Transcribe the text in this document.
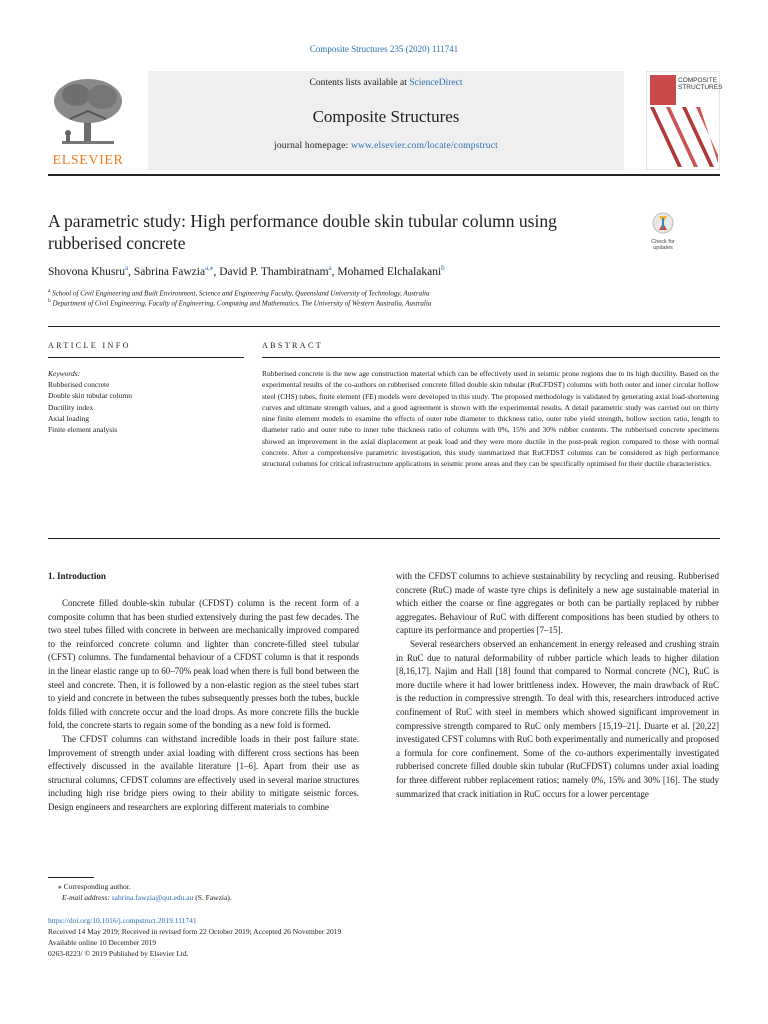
Composite Structures 235 (2020) 111741
ELSEVIER
Contents lists available at ScienceDirect
Composite Structures
journal homepage: www.elsevier.com/locate/compstruct
COMPOSITE
STRUCTURES
A parametric study: High performance double skin tubular column using
rubberised concrete	Check for
updates
Shovona Khusru$^a$, Sabrina Fawzia$^{a,⁎}$, David P. Thambiratnam$^a$, Mohamed Elchalakani$^b$
$^a$ School of Civil Engineering and Built Environment, Science and Engineering Faculty, Queensland University of Technology, Australia
$^b$ Department of Civil Engineering, Faculty of Engineering, Computing and Mathematics, The University of Western Australia, Australia
ARTICLE INFO	ABSTRACT
Keywords:
Rubberised concrete
Double skin tubular column
Ductility index
Axial loading
Finite element analysis
Rubberised concrete is the new age construction material which can be effectively used in seismic prone regions due to its high ductility. Based on the experimental results of the co-authors on rubberised concrete filled double skin tubular (RuCFDST) columns with both outer and inner circular hollow steel (CHS) tubes, finite element (FE) models were developed in this study. The proposed methodology is validated by generating axial load-shortening curves and ultimate strength values, and a good agreement is shown with the experimental results. A detail parametric study was carried out on thirty nine finite element models to examine the effects of outer tube diameter to thickness ratio, outer tube yield strength, hollow section ratio, length to diameter ratio and outer tube to inner tube thickness ratio of columns with 0%, 15% and 30% rubber contents. The rubberised concrete specimens showed an improvement in the axial displacement at peak load and they were more ductile in the post-peak region compared to those with normal concrete. After a comprehensive parametric investigation, this study summarized that RuCFDST columns can be considered as high performance structural columns for critical infrastructure applications in seismic prone areas and they can be specifically optimised for their ductile characteristics.
1. Introduction

Concrete filled double-skin tubular (CFDST) column is the recent form of a composite column that has been studied extensively during the past few decades. The two steel tubes filled with concrete in between are mechanically improved compared to the reinforced concrete column and lighter than concrete-filled steel tubular (CFST) columns. The fundamental behaviour of a CFDST column is that it responds in the linear elastic range up to 60–70% peak load when there is full bond between the steel and concrete. Then, it is followed by a non-elastic region as the steel tubes start to yield and concrete in between the tubes subsequently presses both the tubes, buckle folds filled with concrete occur and the load drops. As more concrete fills the buckle fold, the concrete starts to regain some of the bonding as a new fold is formed.

The CFDST columns can withstand incredible loads in their post failure state. Improvement of strength under axial loading with different cross sections has been effectively discussed in the available literature [1–6]. Apart from their use as structural columns, CFDST columns are effectively used in several marine structures including high rise bridge piers owing to their ability to mitigate seismic forces. Design engineers and researchers are exploring different materials to combine

with the CFDST columns to achieve sustainability by recycling and reusing. Rubberised concrete (RuC) made of waste tyre chips is definitely a new age sustainable material in which either the coarse or fine aggregates or both can be partially replaced by rubber aggregates. Behaviour of RuC with different compositions has been studied by others to capture its performance and properties [7–15].

Several researchers observed an enhancement in energy released and crushing strain in RuC due to natural deformability of rubber particle which leads to higher dilation [8,16,17]. Najim and Hall [18] found that compared to Normal concrete (NC), RuC is more ductile where it had lower brittleness index. However, the main drawback of RuC is the reduction in compressive strength. To deal with this, researchers introduced active confinement of RuC with steel in members which showed significant improvement in compressive strength compared to RuC only members [15,19–21]. Duarte et al. [20,22] investigated CFST columns with RuC both experimentally and numerically and proposed a formula for core confinement. Some of the co-authors experimentally investigated rubberised concrete filled double skin tubular (RuCFDST) columns under axial loading for three different rubber replacement ratios; namely 0%, 15% and 30% [16]. The study summarized that crack initiation in RuC occurs for a lower percentage

⁎ Corresponding author.
E-mail address: sabrina.fawzia@qut.edu.au (S. Fawzia).
https://doi.org/10.1016/j.compstruct.2019.111741
Received 14 May 2019; Received in revised form 22 October 2019; Accepted 26 November 2019
Available online 10 December 2019
0263-8223/ © 2019 Published by Elsevier Ltd.
